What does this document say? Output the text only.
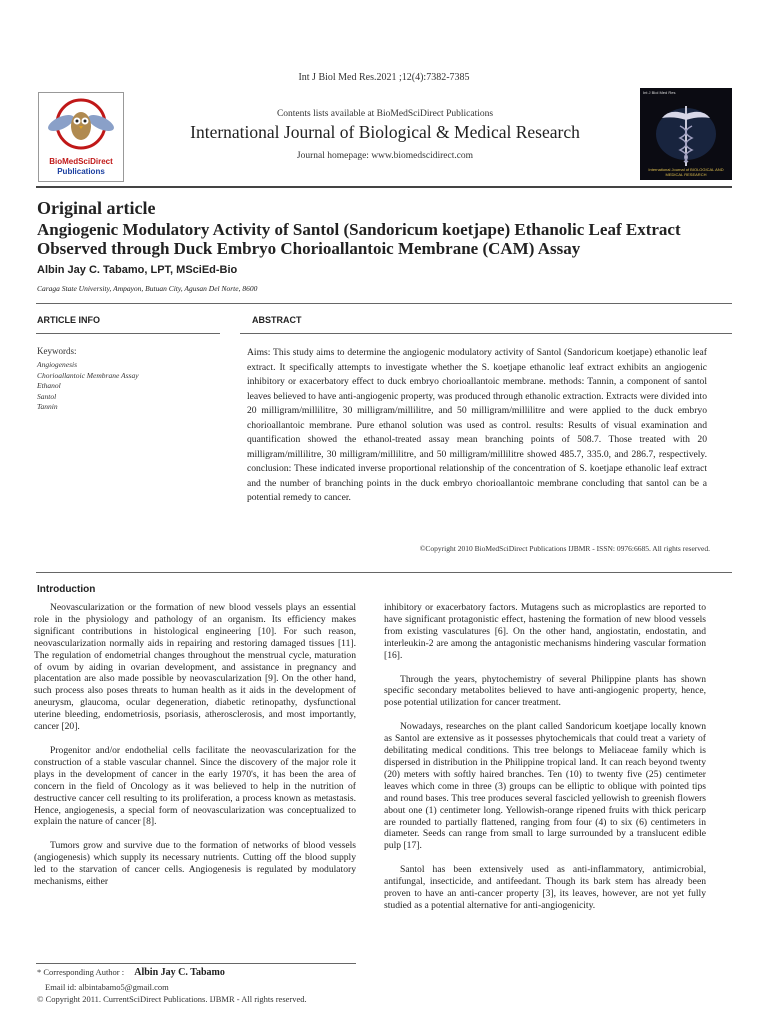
Int J Biol Med Res.2021 ;12(4):7382-7385
BioMedSciDirect
Publications
Contents lists available at BioMedSciDirect Publications
International Journal of Biological & Medical Research
Journal homepage: www.biomedscidirect.com
Int J Biol Med Res
International Journal of BIOLOGICAL AND MEDICAL RESEARCH
Original article
Angiogenic Modulatory Activity of Santol (Sandoricum koetjape) Ethanolic Leaf Extract Observed through Duck Embryo Chorioallantoic Membrane (CAM) Assay
Albin Jay C. Tabamo, LPT, MSciEd-Bio
Caraga State University, Ampayon, Butuan City, Agusan Del Norte, 8600
ARTICLE INFO	ABSTRACT
Keywords:
Angiogenesis
Chorioallantoic Membrane Assay
Ethanol
Santol
Tannin
Aims: This study aims to determine the angiogenic modulatory activity of Santol (Sandoricum koetjape) ethanolic leaf extract. It specifically attempts to investigate whether the S. koetjape ethanolic leaf extract exhibits an angiogenic inhibitory or exacerbatory effect to duck embryo chorioallantoic membrane. methods: Tannin, a component of santol leaves believed to have anti-angiogenic property, was produced through ethanolic extraction. Extracts were divided into 20 milligram/millilitre, 30 milligram/millilitre, and 50 milligram/millilitre and were applied to the duck embryo chorioallantoic membrane. Pure ethanol solution was used as control. results: Results of visual examination and quantification showed the ethanol-treated assay mean branching points of 508.7. Those treated with 20 milligram/millilitre, 30 milligram/millilitre, and 50 milligram/millilitre showed 485.7, 335.0, and 286.7, respectively. conclusion: These indicated inverse proportional relationship of the concentration of S. koetjape ethanolic leaf extract and the number of branching points in the duck embryo chorioallantoic membrane concluding that santol can be a potential remedy to cancer.
©Copyright 2010 BioMedSciDirect Publications IJBMR - ISSN: 0976:6685. All rights reserved.
Introduction

Neovascularization or the formation of new blood vessels plays an essential role in the physiology and pathology of an organism. Its efficiency makes significant contributions in histological engineering [10]. For such reason, neovascularization normally aids in repairing and restoring damaged tissues [11]. The regulation of endometrial changes throughout the menstrual cycle, maturation of ovum by aiding in ovarian development, and assistance in pregnancy and placentation are also made possible by neovascularization [9]. On the other hand, such process also poses threats to human health as it aids in the development of aneurysm, glaucoma, ocular degeneration, diabetic retinopathy, dysfunctional uterine bleeding, endometriosis, psoriasis, atherosclerosis, and most importantly, cancer [20].

Progenitor and/or endothelial cells facilitate the neovascularization for the construction of a stable vascular channel. Since the discovery of the major role it plays in the development of cancer in the early 1970's, it has been the area of concern in the field of Oncology as it was believed to help in the nutrition of destructive cancer cell resulting to its proliferation, a process known as metastasis. Hence, angiogenesis, a special form of neovascularization was conceptualized to explain the nature of cancer [8].

Tumors grow and survive due to the formation of networks of blood vessels (angiogenesis) which supply its necessary nutrients. Cutting off the blood supply led to the starvation of cancer cells. Angiogenesis is regulated by modulatory mechanisms, either

inhibitory or exacerbatory factors. Mutagens such as microplastics are reported to have significant protagonistic effect, hastening the formation of new blood vessels from existing vasculatures [6]. On the other hand, angiostatin, endostatin, and interleukin-2 are among the antagonistic mechanisms hindering vascular formation [16].

Through the years, phytochemistry of several Philippine plants has shown specific secondary metabolites believed to have anti-angiogenic property, hence, pose potential utilization for cancer treatment.

Nowadays, researches on the plant called Sandoricum koetjape locally known as Santol are extensive as it possesses phytochemicals that could treat a variety of debilitating medical conditions. This tree belongs to Meliaceae family which is dispersed in distribution in the Philippine tropical land. It can reach beyond twenty (20) meters with softly haired branches. Ten (10) to twenty five (25) centimeter leaves which come in three (3) groups can be elliptic to oblique with pointed tips and round bases. This tree produces several fascicled yellowish to greenish flowers about one (1) centimeter long. Yellowish-orange ripened fruits with thick pericarp are rounded to partially flattened, ranging from four (4) to six (6) centimeters in diameter. Seeds can range from small to large surrounded by a translucent edible pulp [17].

Santol has been extensively used as anti-inflammatory, antimicrobial, antifungal, insecticide, and antifeedant. Though its bark stem has already been proven to have an anti-cancer property [3], its leaves, however, are not yet fully studied as a potential alternative for anti-angiogenicity.

* Corresponding Author : Albin Jay C. Tabamo
Email id: albintabamo5@gmail.com
© Copyright 2011. CurrentSciDirect Publications. IJBMR - All rights reserved.
